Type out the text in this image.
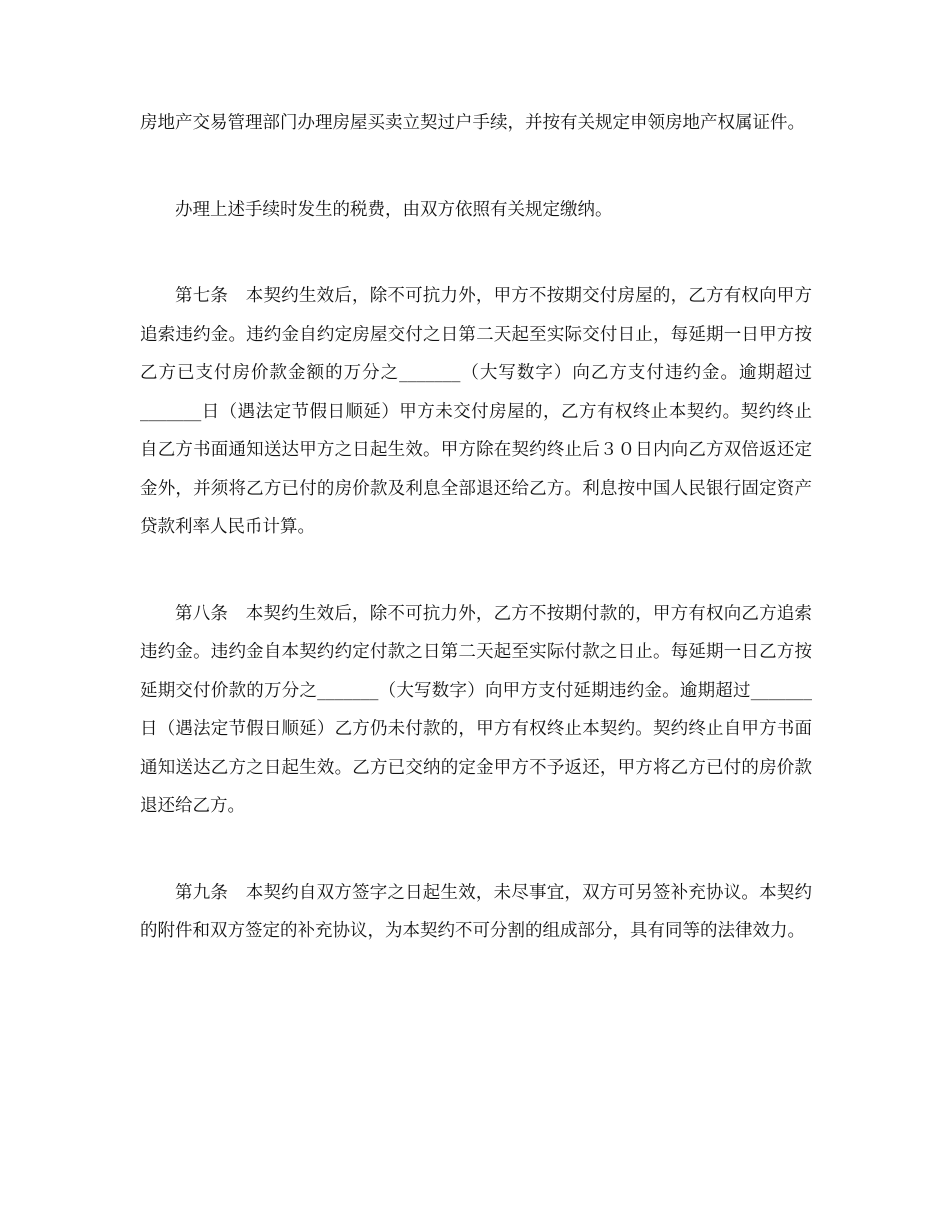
房地产交易管理部门办理房屋买卖立契过户手续，并按有关规定申领房地产权属证件。

办理上述手续时发生的税费，由双方依照有关规定缴纳。

第七条　本契约生效后，除不可抗力外，甲方不按期交付房屋的，乙方有权向甲方追索违约金。违约金自约定房屋交付之日第二天起至实际交付日止，每延期一日甲方按乙方已支付房价款金额的万分之_______（大写数字）向乙方支付违约金。逾期超过_______日（遇法定节假日顺延）甲方未交付房屋的，乙方有权终止本契约。契约终止自乙方书面通知送达甲方之日起生效。甲方除在契约终止后３０日内向乙方双倍返还定金外，并须将乙方已付的房价款及利息全部退还给乙方。利息按中国人民银行固定资产贷款利率人民币计算。

第八条　本契约生效后，除不可抗力外，乙方不按期付款的，甲方有权向乙方追索违约金。违约金自本契约约定付款之日第二天起至实际付款之日止。每延期一日乙方按延期交付价款的万分之_______（大写数字）向甲方支付延期违约金。逾期超过_______日（遇法定节假日顺延）乙方仍未付款的，甲方有权终止本契约。契约终止自甲方书面通知送达乙方之日起生效。乙方已交纳的定金甲方不予返还，甲方将乙方已付的房价款退还给乙方。

第九条　本契约自双方签字之日起生效，未尽事宜，双方可另签补充协议。本契约的附件和双方签定的补充协议，为本契约不可分割的组成部分，具有同等的法律效力。
